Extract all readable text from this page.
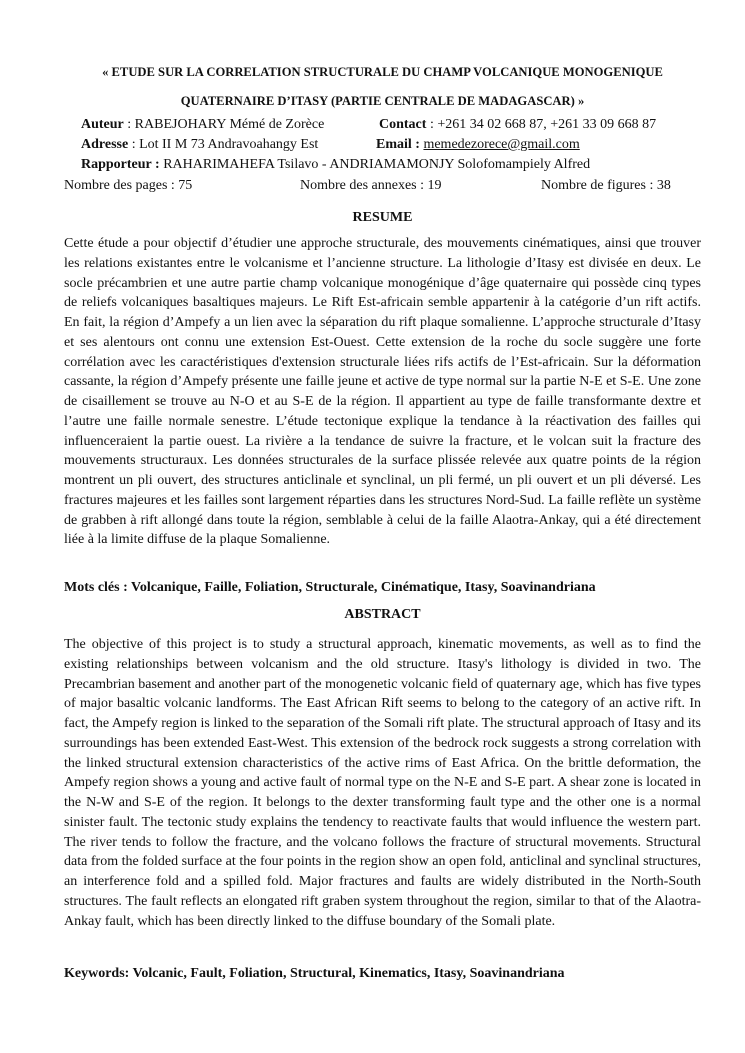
« ETUDE SUR LA CORRELATION STRUCTURALE DU CHAMP VOLCANIQUE MONOGENIQUE
QUATERNAIRE D’ITASY (PARTIE CENTRALE DE MADAGASCAR) »
Auteur : RABEJOHARY Mémé de Zorèce	Contact : +261 34 02 668 87, +261 33 09 668 87
Adresse : Lot II M 73 Andravoahangy Est	Email : memedezorece@gmail.com
Rapporteur : RAHARIMAHEFA Tsilavo - ANDRIAMAMONJY Solofomampiely Alfred
Nombre des pages : 75	Nombre des annexes : 19	Nombre de figures : 38
RESUME
Cette étude a pour objectif d’étudier une approche structurale, des mouvements cinématiques, ainsi que trouver les relations existantes entre le volcanisme et l’ancienne structure. La lithologie d’Itasy est divisée en deux. Le socle précambrien et une autre partie champ volcanique monogénique d’âge quaternaire qui possède cinq types de reliefs volcaniques basaltiques majeurs. Le Rift Est-africain semble appartenir à la catégorie d’un rift actifs. En fait, la région d’Ampefy a un lien avec la séparation du rift plaque somalienne. L’approche structurale d’Itasy et ses alentours ont connu une extension Est-Ouest. Cette extension de la roche du socle suggère une forte corrélation avec les caractéristiques d'extension structurale liées rifs actifs de l’Est-africain. Sur la déformation cassante, la région d’Ampefy présente une faille jeune et active de type normal sur la partie N-E et S-E. Une zone de cisaillement se trouve au N-O et au S-E de la région. Il appartient au type de faille transformante dextre et l’autre une faille normale senestre. L’étude tectonique explique la tendance à la réactivation des failles qui influenceraient la partie ouest. La rivière a la tendance de suivre la fracture, et le volcan suit la fracture des mouvements structuraux. Les données structurales de la surface plissée relevée aux quatre points de la région montrent un pli ouvert, des structures anticlinale et synclinal, un pli fermé, un pli ouvert et un pli déversé. Les fractures majeures et les failles sont largement réparties dans les structures Nord-Sud. La faille reflète un système de grabben à rift allongé dans toute la région, semblable à celui de la faille Alaotra-Ankay, qui a été directement liée à la limite diffuse de la plaque Somalienne.
Mots clés : Volcanique, Faille, Foliation, Structurale, Cinématique, Itasy, Soavinandriana
ABSTRACT
The objective of this project is to study a structural approach, kinematic movements, as well as to find the existing relationships between volcanism and the old structure. Itasy's lithology is divided in two. The Precambrian basement and another part of the monogenetic volcanic field of quaternary age, which has five types of major basaltic volcanic landforms. The East African Rift seems to belong to the category of an active rift. In fact, the Ampefy region is linked to the separation of the Somali rift plate. The structural approach of Itasy and its surroundings has been extended East-West. This extension of the bedrock rock suggests a strong correlation with the linked structural extension characteristics of the active rims of East Africa. On the brittle deformation, the Ampefy region shows a young and active fault of normal type on the N-E and S-E part. A shear zone is located in the N-W and S-E of the region. It belongs to the dexter transforming fault type and the other one is a normal sinister fault. The tectonic study explains the tendency to reactivate faults that would influence the western part. The river tends to follow the fracture, and the volcano follows the fracture of structural movements. Structural data from the folded surface at the four points in the region show an open fold, anticlinal and synclinal structures, an interference fold and a spilled fold. Major fractures and faults are widely distributed in the North-South structures. The fault reflects an elongated rift graben system throughout the region, similar to that of the Alaotra-Ankay fault, which has been directly linked to the diffuse boundary of the Somali plate.
Keywords: Volcanic, Fault, Foliation, Structural, Kinematics, Itasy, Soavinandriana
